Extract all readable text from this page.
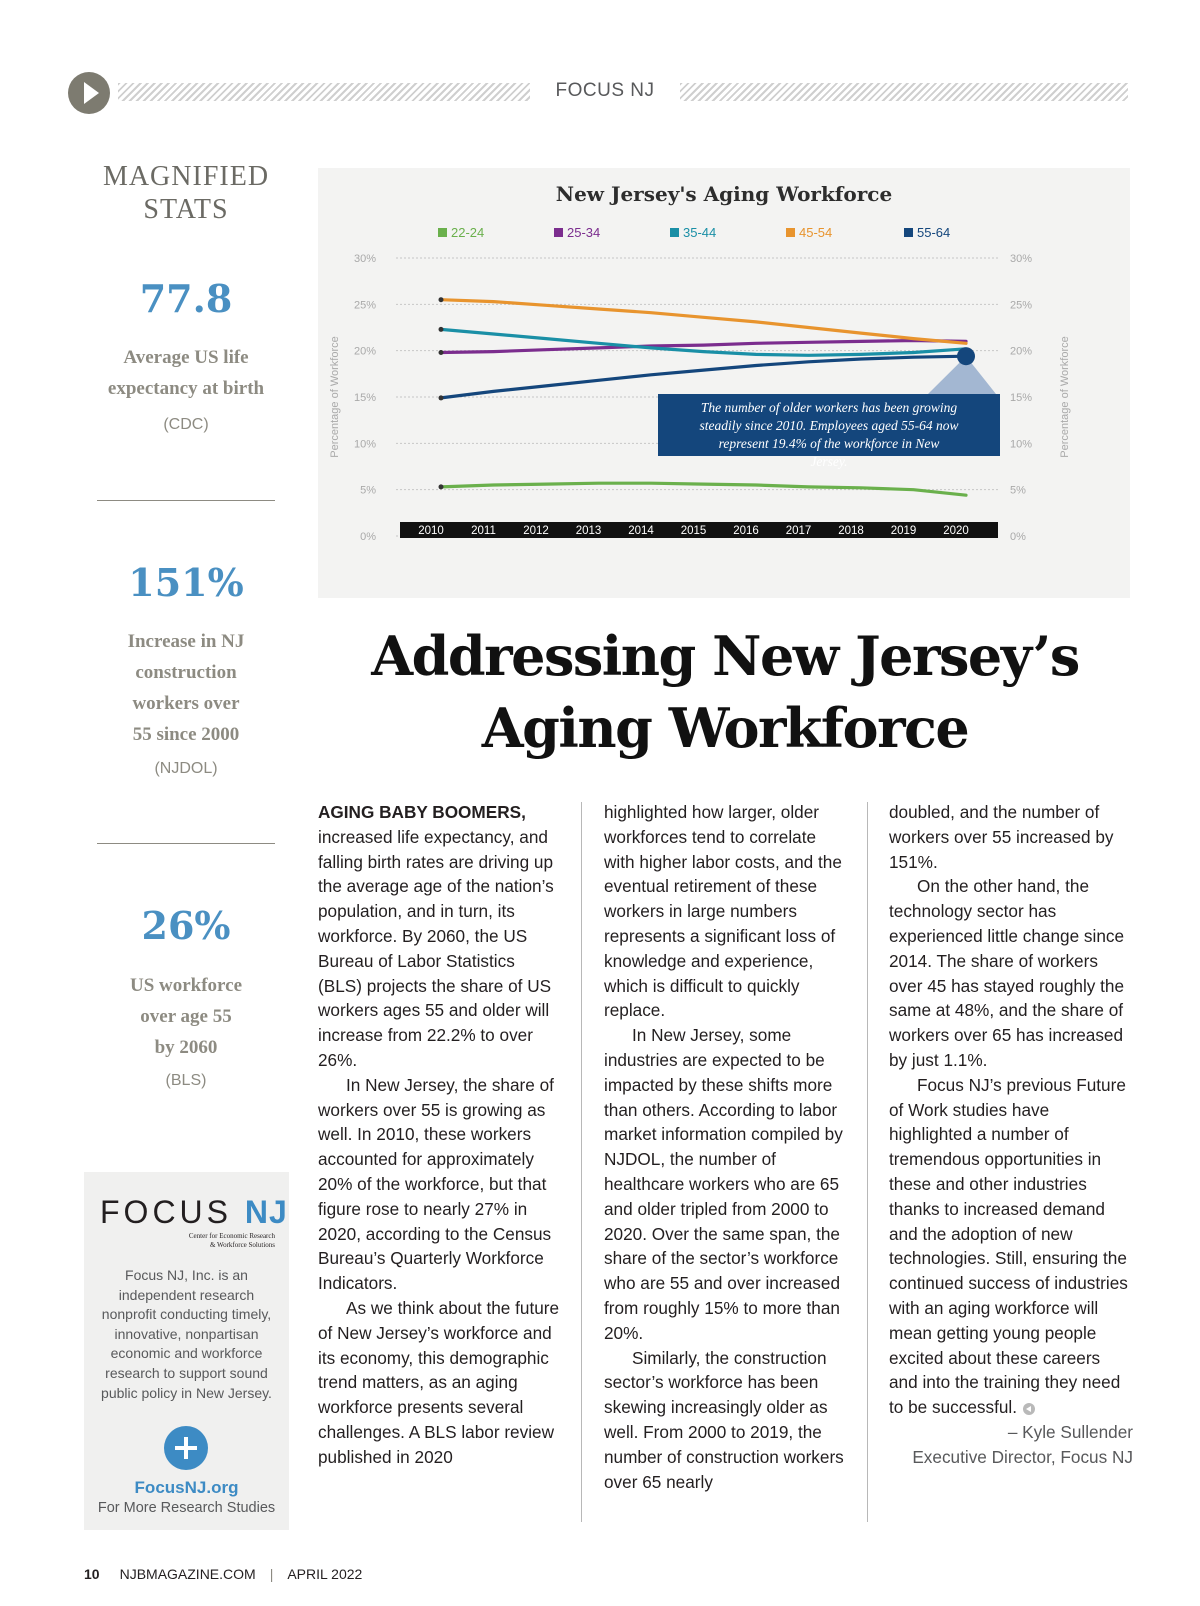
FOCUS NJ
MAGNIFIED
STATS
77.8
Average US life
expectancy at birth
(CDC)
151%
Increase in NJ
construction
workers over
55 since 2000
(NJDOL)
26%
US workforce
over age 55
by 2060
(BLS)
FOCUS NJ
Center for Economic Research
& Workforce Solutions
Focus NJ, Inc. is an independent research nonprofit conducting timely, innovative, nonpartisan economic and workforce research to support sound public policy in New Jersey.
FocusNJ.org
For More Research Studies
New Jersey's Aging Workforce
22-24	25-34	35-44	45-54	55-64
0%	0%
5%	5%
10%	10%
15%	15%
20%	20%
25%	25%
30%	30%
Percentage of Workforce	Percentage of Workforce
2010 2011 2012 2013 2014 2015 2016 2017 2018 2019 2020
The number of older workers has been growing
steadily since 2010. Employees aged 55-64 now
represent 19.4% of the workforce in New
Jersey.
Addressing New Jersey’s
Aging Workforce

AGING BABY BOOMERS, increased life expectancy, and falling birth rates are driving up the average age of the nation’s population, and in turn, its workforce. By 2060, the US Bureau of Labor Statistics (BLS) projects the share of US workers ages 55 and older will increase from 22.2% to over 26%.

In New Jersey, the share of workers over 55 is growing as well. In 2010, these workers accounted for approximately 20% of the workforce, but that figure rose to nearly 27% in 2020, according to the Census Bureau’s Quarterly Workforce Indicators.

As we think about the future of New Jersey’s workforce and its economy, this demographic trend matters, as an aging workforce presents several challenges. A BLS labor review published in 2020

highlighted how larger, older workforces tend to correlate with higher labor costs, and the eventual retirement of these workers in large numbers represents a significant loss of knowledge and experience, which is difficult to quickly replace.

In New Jersey, some industries are expected to be impacted by these shifts more than others. According to labor market information compiled by NJDOL, the number of healthcare workers who are 65 and older tripled from 2000 to 2020. Over the same span, the share of the sector’s workforce who are 55 and over increased from roughly 15% to more than 20%.

Similarly, the construction sector’s workforce has been skewing increasingly older as well. From 2000 to 2019, the number of construction workers over 65 nearly

doubled, and the number of workers over 55 increased by 151%.

On the other hand, the technology sector has experienced little change since 2014. The share of workers over 45 has stayed roughly the same at 48%, and the share of workers over 65 has increased by just 1.1%.

Focus NJ’s previous Future of Work studies have highlighted a number of tremendous opportunities in these and other industries thanks to increased demand and the adoption of new technologies. Still, ensuring the continued success of industries with an aging workforce will mean getting young people excited about these careers and into the training they need to be successful.

– Kyle Sullender

Executive Director, Focus NJ

10 NJBMAGAZINE.COM | APRIL 2022
